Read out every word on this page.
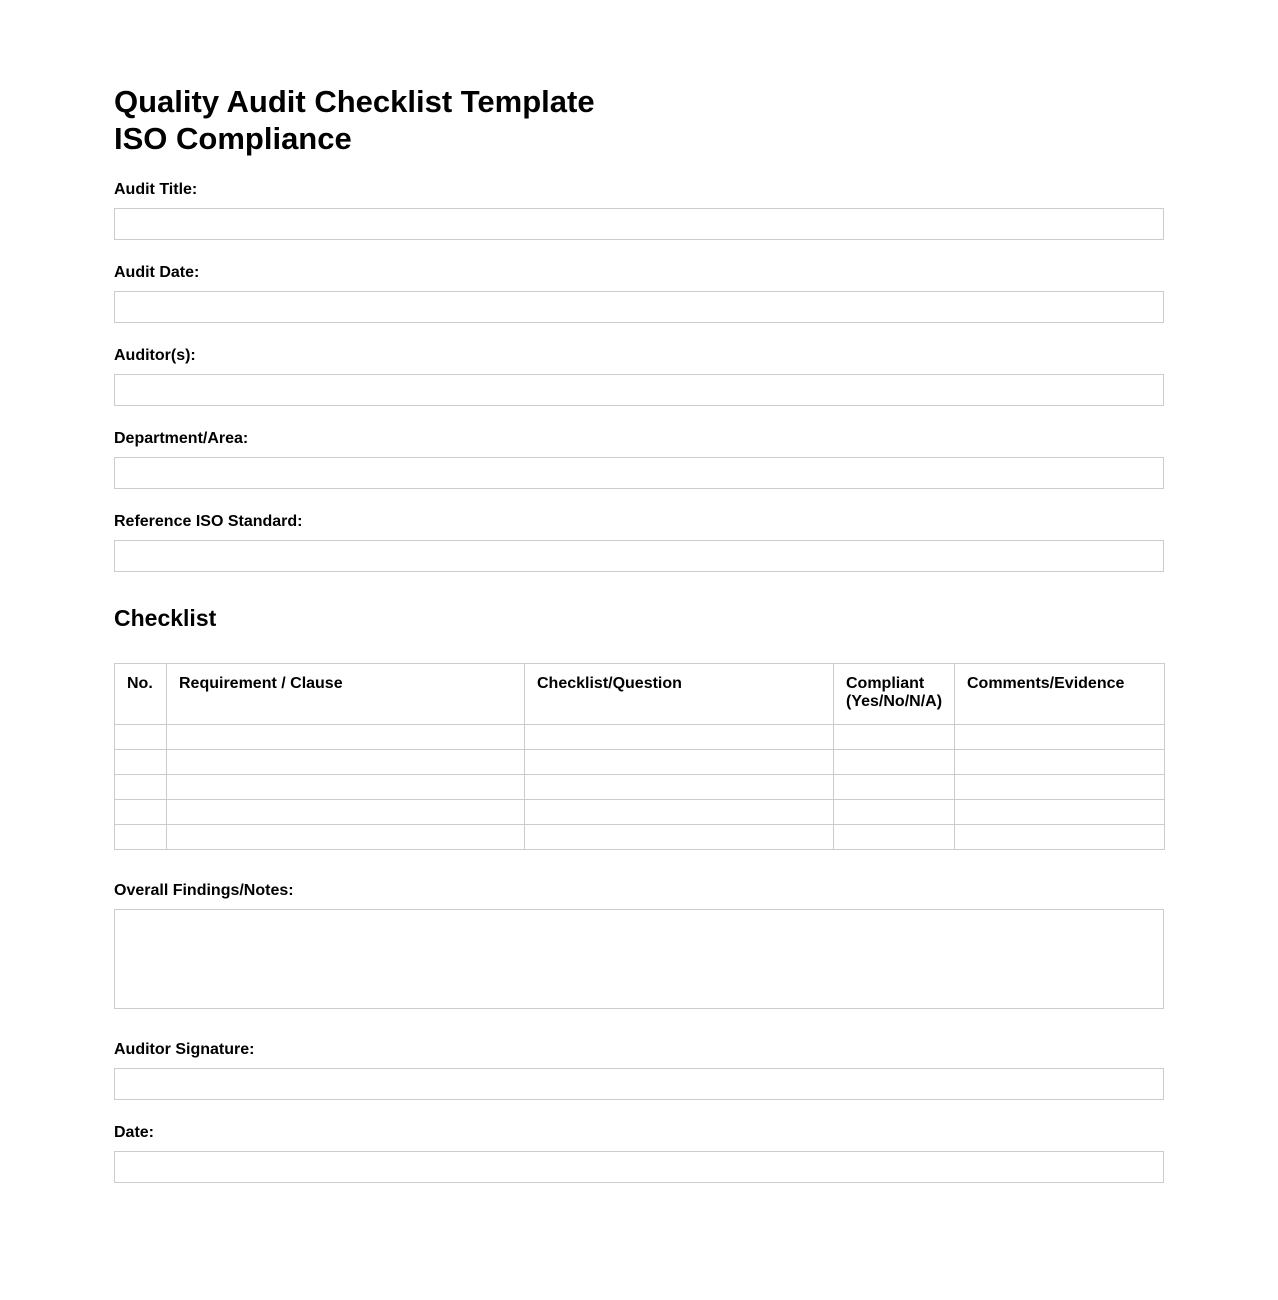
Quality Audit Checklist Template
ISO Compliance
Audit Title:
Audit Date:
Auditor(s):
Department/Area:
Reference ISO Standard:
Checklist
No.	Requirement / Clause	Checklist/Question	Compliant (Yes/No/N/A)	Comments/Evidence

Overall Findings/Notes:
Auditor Signature:
Date:
